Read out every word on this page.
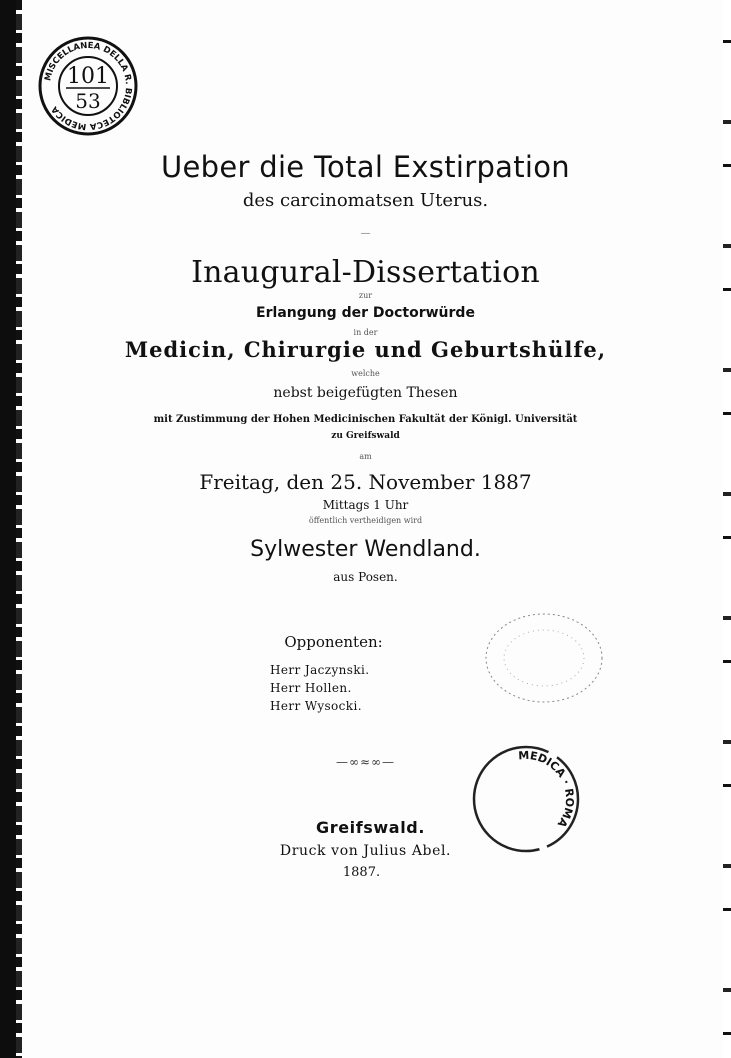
MISCELLANEA DELLA R. BIBLIOTECA MEDICA
101
53
MEDICA · ROMA
Ueber die Total Exstirpation
des carcinomatsen Uterus.
—
Inaugural-Dissertation
zur
Erlangung der Doctorwürde
in der
Medicin, Chirurgie und Geburtshülfe,
welche
nebst beigefügten Thesen
mit Zustimmung der Hohen Medicinischen Fakultät der Königl. Universität
zu Greifswald
am
Freitag, den 25. November 1887
Mittags 1 Uhr
öffentlich vertheidigen wird
Sylwester Wendland.
aus Posen.
Opponenten:
Herr Jaczynski.
Herr Hollen.
Herr Wysocki.
—∞≈∞—
Greifswald.
Druck von Julius Abel.
1887.
